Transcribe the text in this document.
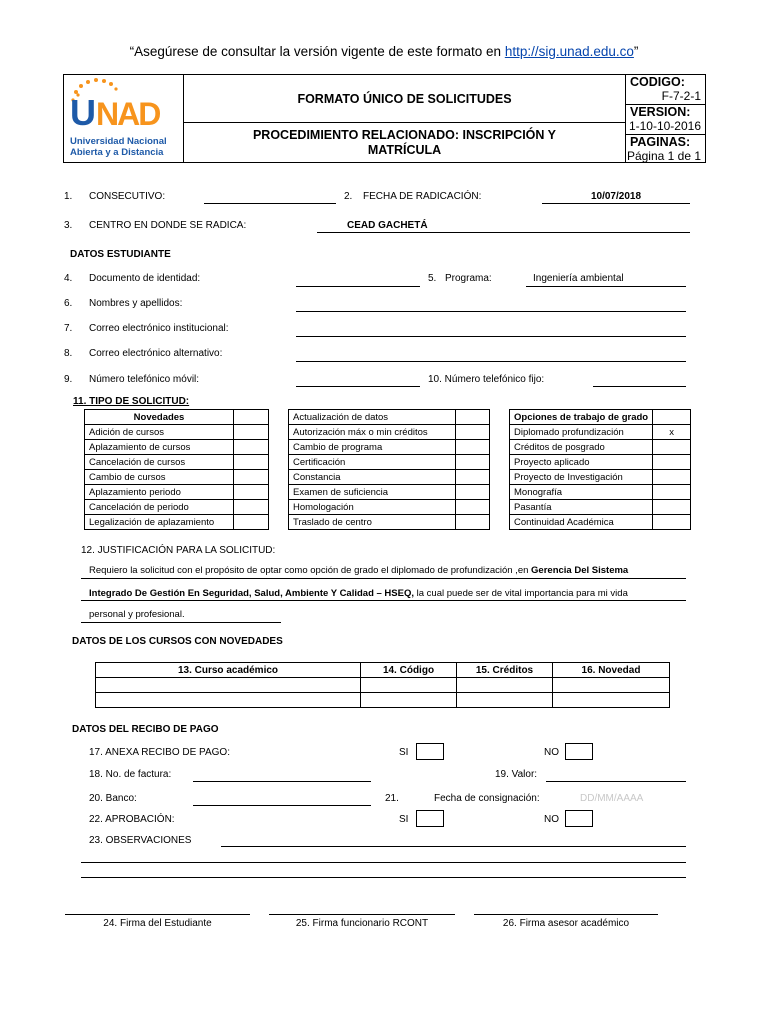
“Asegúrese de consultar la versión vigente de este formato en http://sig.unad.edu.co”
U NAD
Universidad Nacional
Abierta y a Distancia
FORMATO ÚNICO DE SOLICITUDES
PROCEDIMIENTO RELACIONADO: INSCRIPCIÓN Y
MATRÍCULA
CODIGO:
F-7-2-1
VERSION:
1-10-10-2016
PAGINAS:
Página 1 de 1
1. CONSECUTIVO:	2. FECHA DE RADICACIÓN:	10/07/2018
3. CENTRO EN DONDE SE RADICA:	CEAD GACHETÁ
DATOS ESTUDIANTE
4. Documento de identidad:	5. Programa:	Ingeniería ambiental
6. Nombres y apellidos:
7. Correo electrónico institucional:
8. Correo electrónico alternativo:
9. Número telefónico móvil:	10. Número telefónico fijo:
11. TIPO DE SOLICITUD:
Novedades	
Adición de cursos	
Aplazamiento de cursos	
Cancelación de cursos	
Cambio de cursos	
Aplazamiento periodo	
Cancelación de periodo	
Legalización de aplazamiento	
Actualización de datos	
Autorización máx o min créditos	
Cambio de programa	
Certificación	
Constancia	
Examen de suficiencia	
Homologación	
Traslado de centro	
Opciones de trabajo de grado	
Diplomado profundización	x
Créditos de posgrado	
Proyecto aplicado	
Proyecto de Investigación	
Monografía	
Pasantía	
Continuidad Académica	
12. JUSTIFICACIÓN PARA LA SOLICITUD:
Requiero la solicitud con el propósito de optar como opción de grado el diplomado de profundización ,en Gerencia Del Sistema
Integrado De Gestión En Seguridad, Salud, Ambiente Y Calidad – HSEQ, la cual puede ser de vital importancia para mi vida
personal y profesional.
DATOS DE LOS CURSOS CON NOVEDADES
13. Curso académico	14. Código	15. Créditos	16. Novedad

DATOS DEL RECIBO DE PAGO
17. ANEXA RECIBO DE PAGO:	SI	NO
18. No. de factura:	19. Valor:
20. Banco:	21.	Fecha de consignación:	DD/MM/AAAA
22. APROBACIÓN:	SI	NO
23. OBSERVACIONES
24. Firma del Estudiante	25. Firma funcionario RCONT	26. Firma asesor académico
